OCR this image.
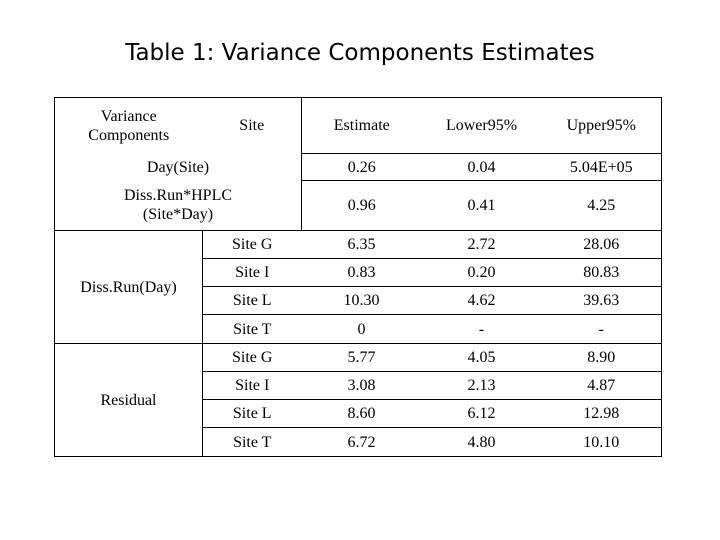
Table 1: Variance Components Estimates
Variance Components	Site	Estimate	Lower95%	Upper95%
Day(Site)		0.26	0.04	5.04E+05
Diss.Run*HPLC (Site*Day)		0.96	0.41	4.25
Diss.Run(Day)	Site G	6.35	2.72	28.06
	Site I	0.83	0.20	80.83
	Site L	10.30	4.62	39.63
	Site T	0	-	-
Residual	Site G	5.77	4.05	8.90
	Site I	3.08	2.13	4.87
	Site L	8.60	6.12	12.98
	Site T	6.72	4.80	10.10
